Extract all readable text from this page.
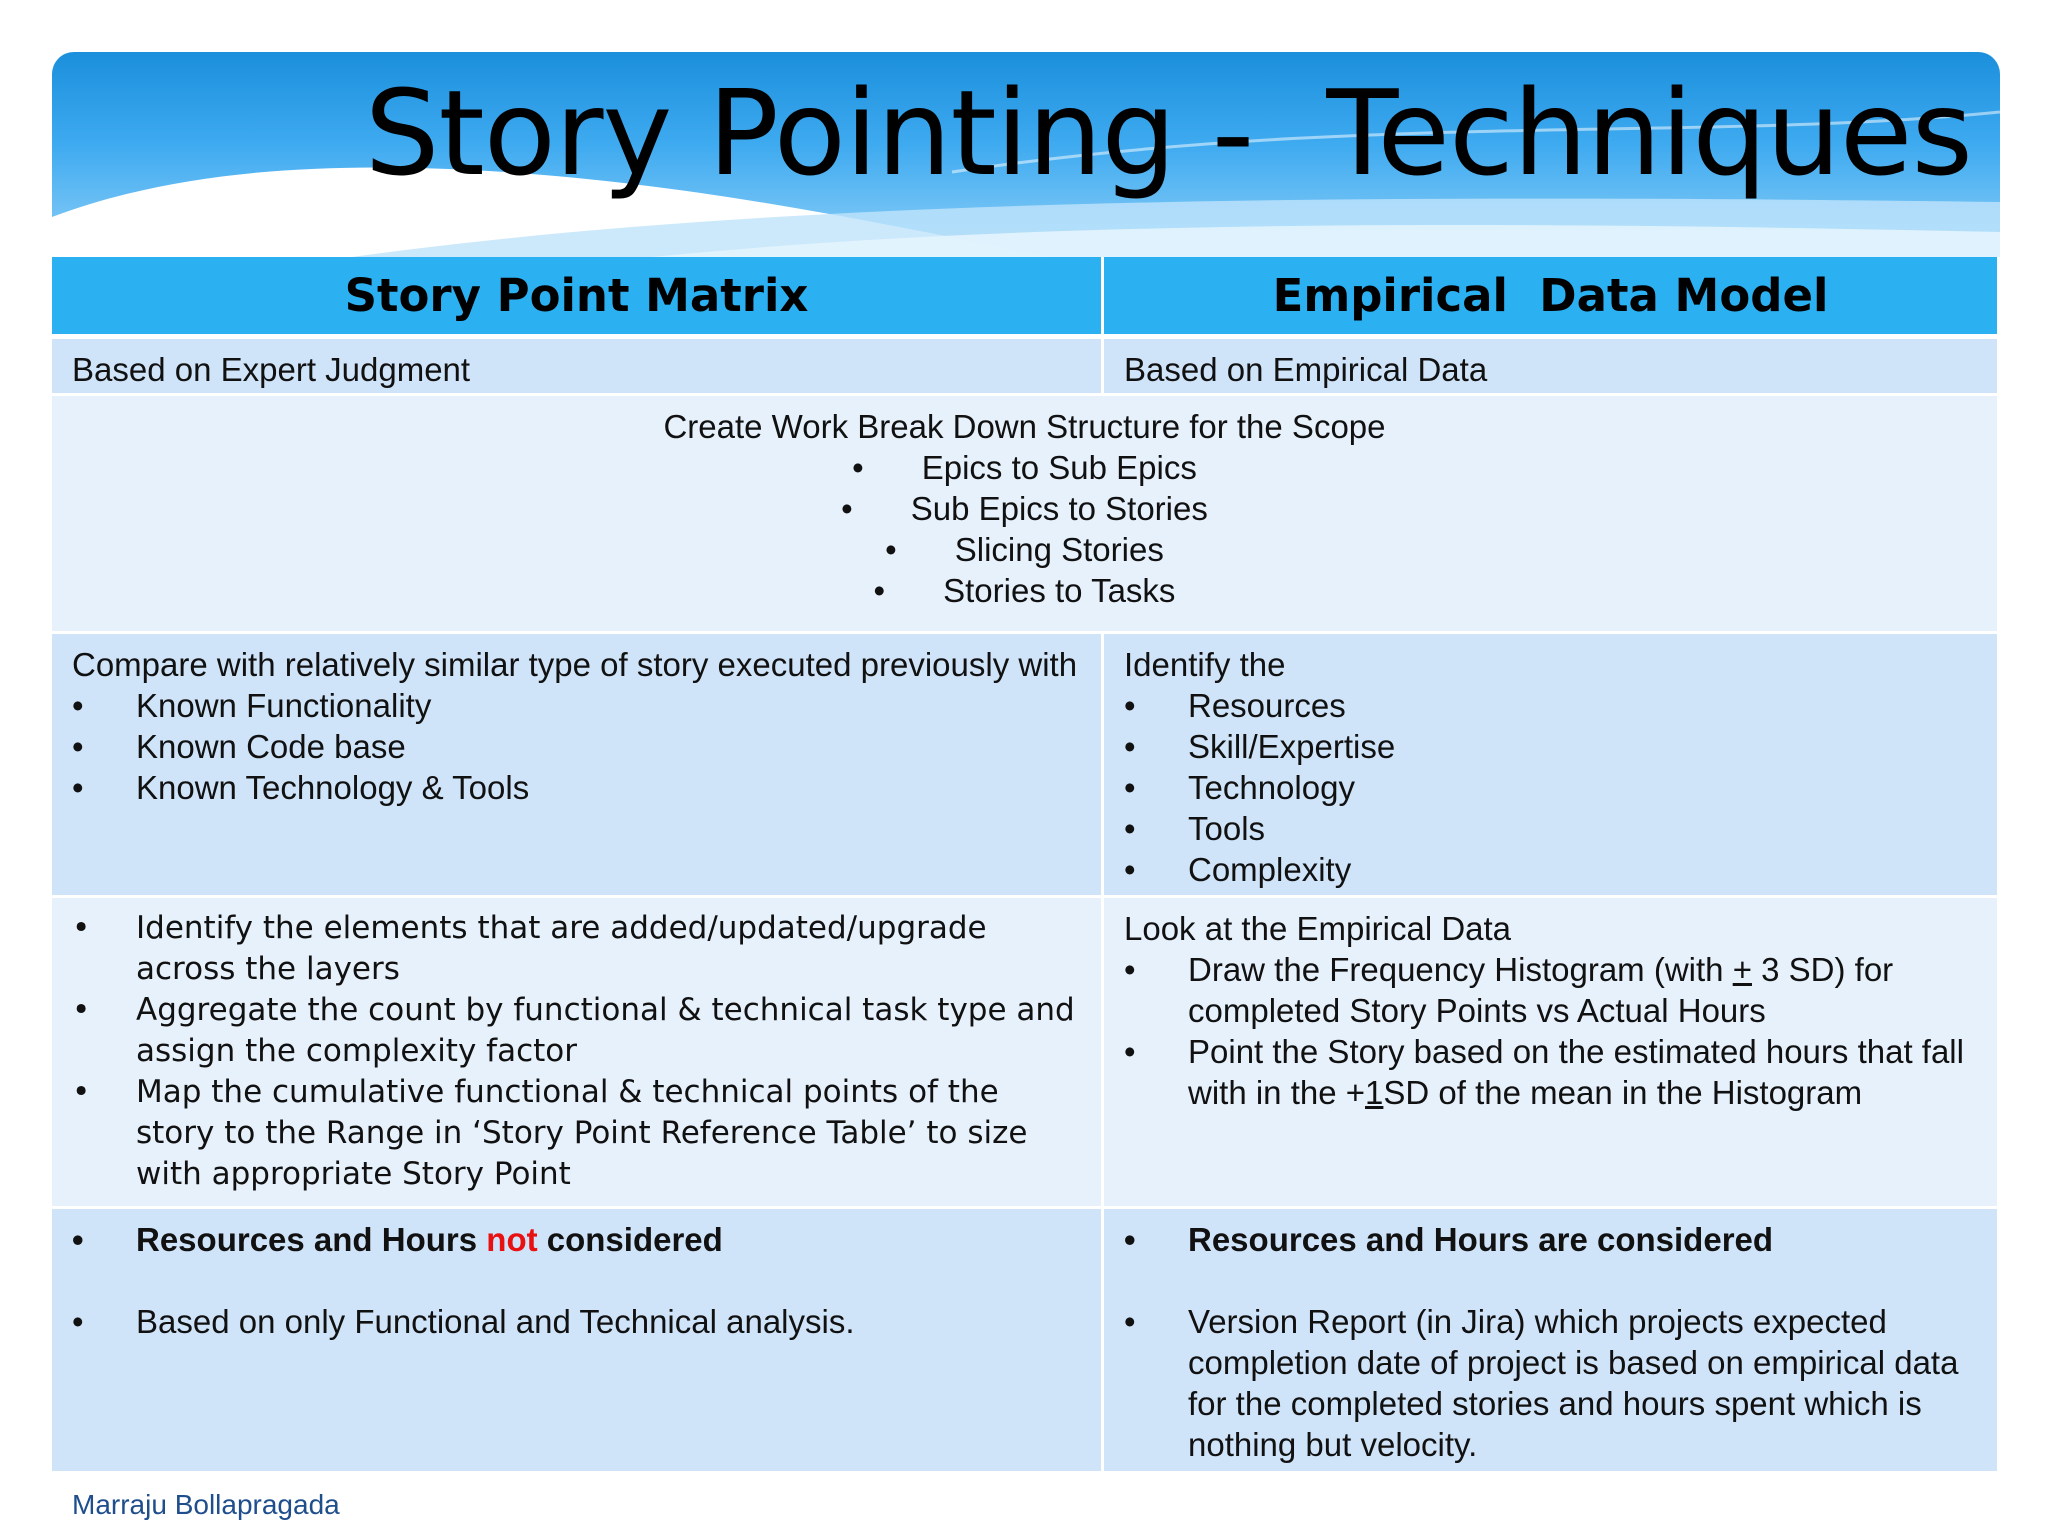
Story Pointing -  Techniques
Story Point Matrix	Empirical  Data Model
Based on Expert Judgment	Based on Empirical Data
Create Work Break Down Structure for the Scope
• Epics to Sub Epics
• Sub Epics to Stories
• Slicing Stories
• Stories to Tasks
Compare with relatively similar type of story executed previously with
• Known Functionality
• Known Code base
• Known Technology & Tools
Identify the
• Resources
• Skill/Expertise
• Technology
• Tools
• Complexity
• Identify the elements that are added/updated/upgrade across the layers
• Aggregate the count by functional & technical task type and assign the complexity factor
• Map the cumulative functional & technical points of the story to the Range in ‘Story Point Reference Table’ to size with appropriate Story Point
Look at the Empirical Data
• Draw the Frequency Histogram (with + 3 SD) for completed Story Points vs Actual Hours
• Point the Story based on the estimated hours that fall with in the +1SD of the mean in the Histogram
• Resources and Hours not considered
• Based on only Functional and Technical analysis.
• Resources and Hours are considered
• Version Report (in Jira) which projects expected completion date of project is based on empirical data for the completed stories and hours spent which is nothing but velocity.
Marraju Bollapragada
